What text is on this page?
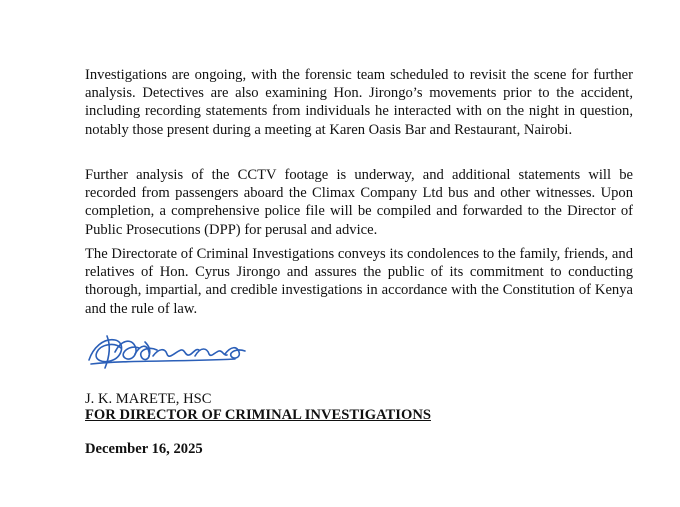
Investigations are ongoing, with the forensic team scheduled to revisit the scene for further analysis. Detectives are also examining Hon. Jirongo’s movements prior to the accident, including recording statements from individuals he interacted with on the night in question, notably those present during a meeting at Karen Oasis Bar and Restaurant, Nairobi.

Further analysis of the CCTV footage is underway, and additional statements will be recorded from passengers aboard the Climax Company Ltd bus and other witnesses. Upon completion, a comprehensive police file will be compiled and forwarded to the Director of Public Prosecutions (DPP) for perusal and advice.

The Directorate of Criminal Investigations conveys its condolences to the family, friends, and relatives of Hon. Cyrus Jirongo and assures the public of its commitment to conducting thorough, impartial, and credible investigations in accordance with the Constitution of Kenya and the rule of law.

J. K. MARETE, HSC
FOR DIRECTOR OF CRIMINAL INVESTIGATIONS
December 16, 2025
